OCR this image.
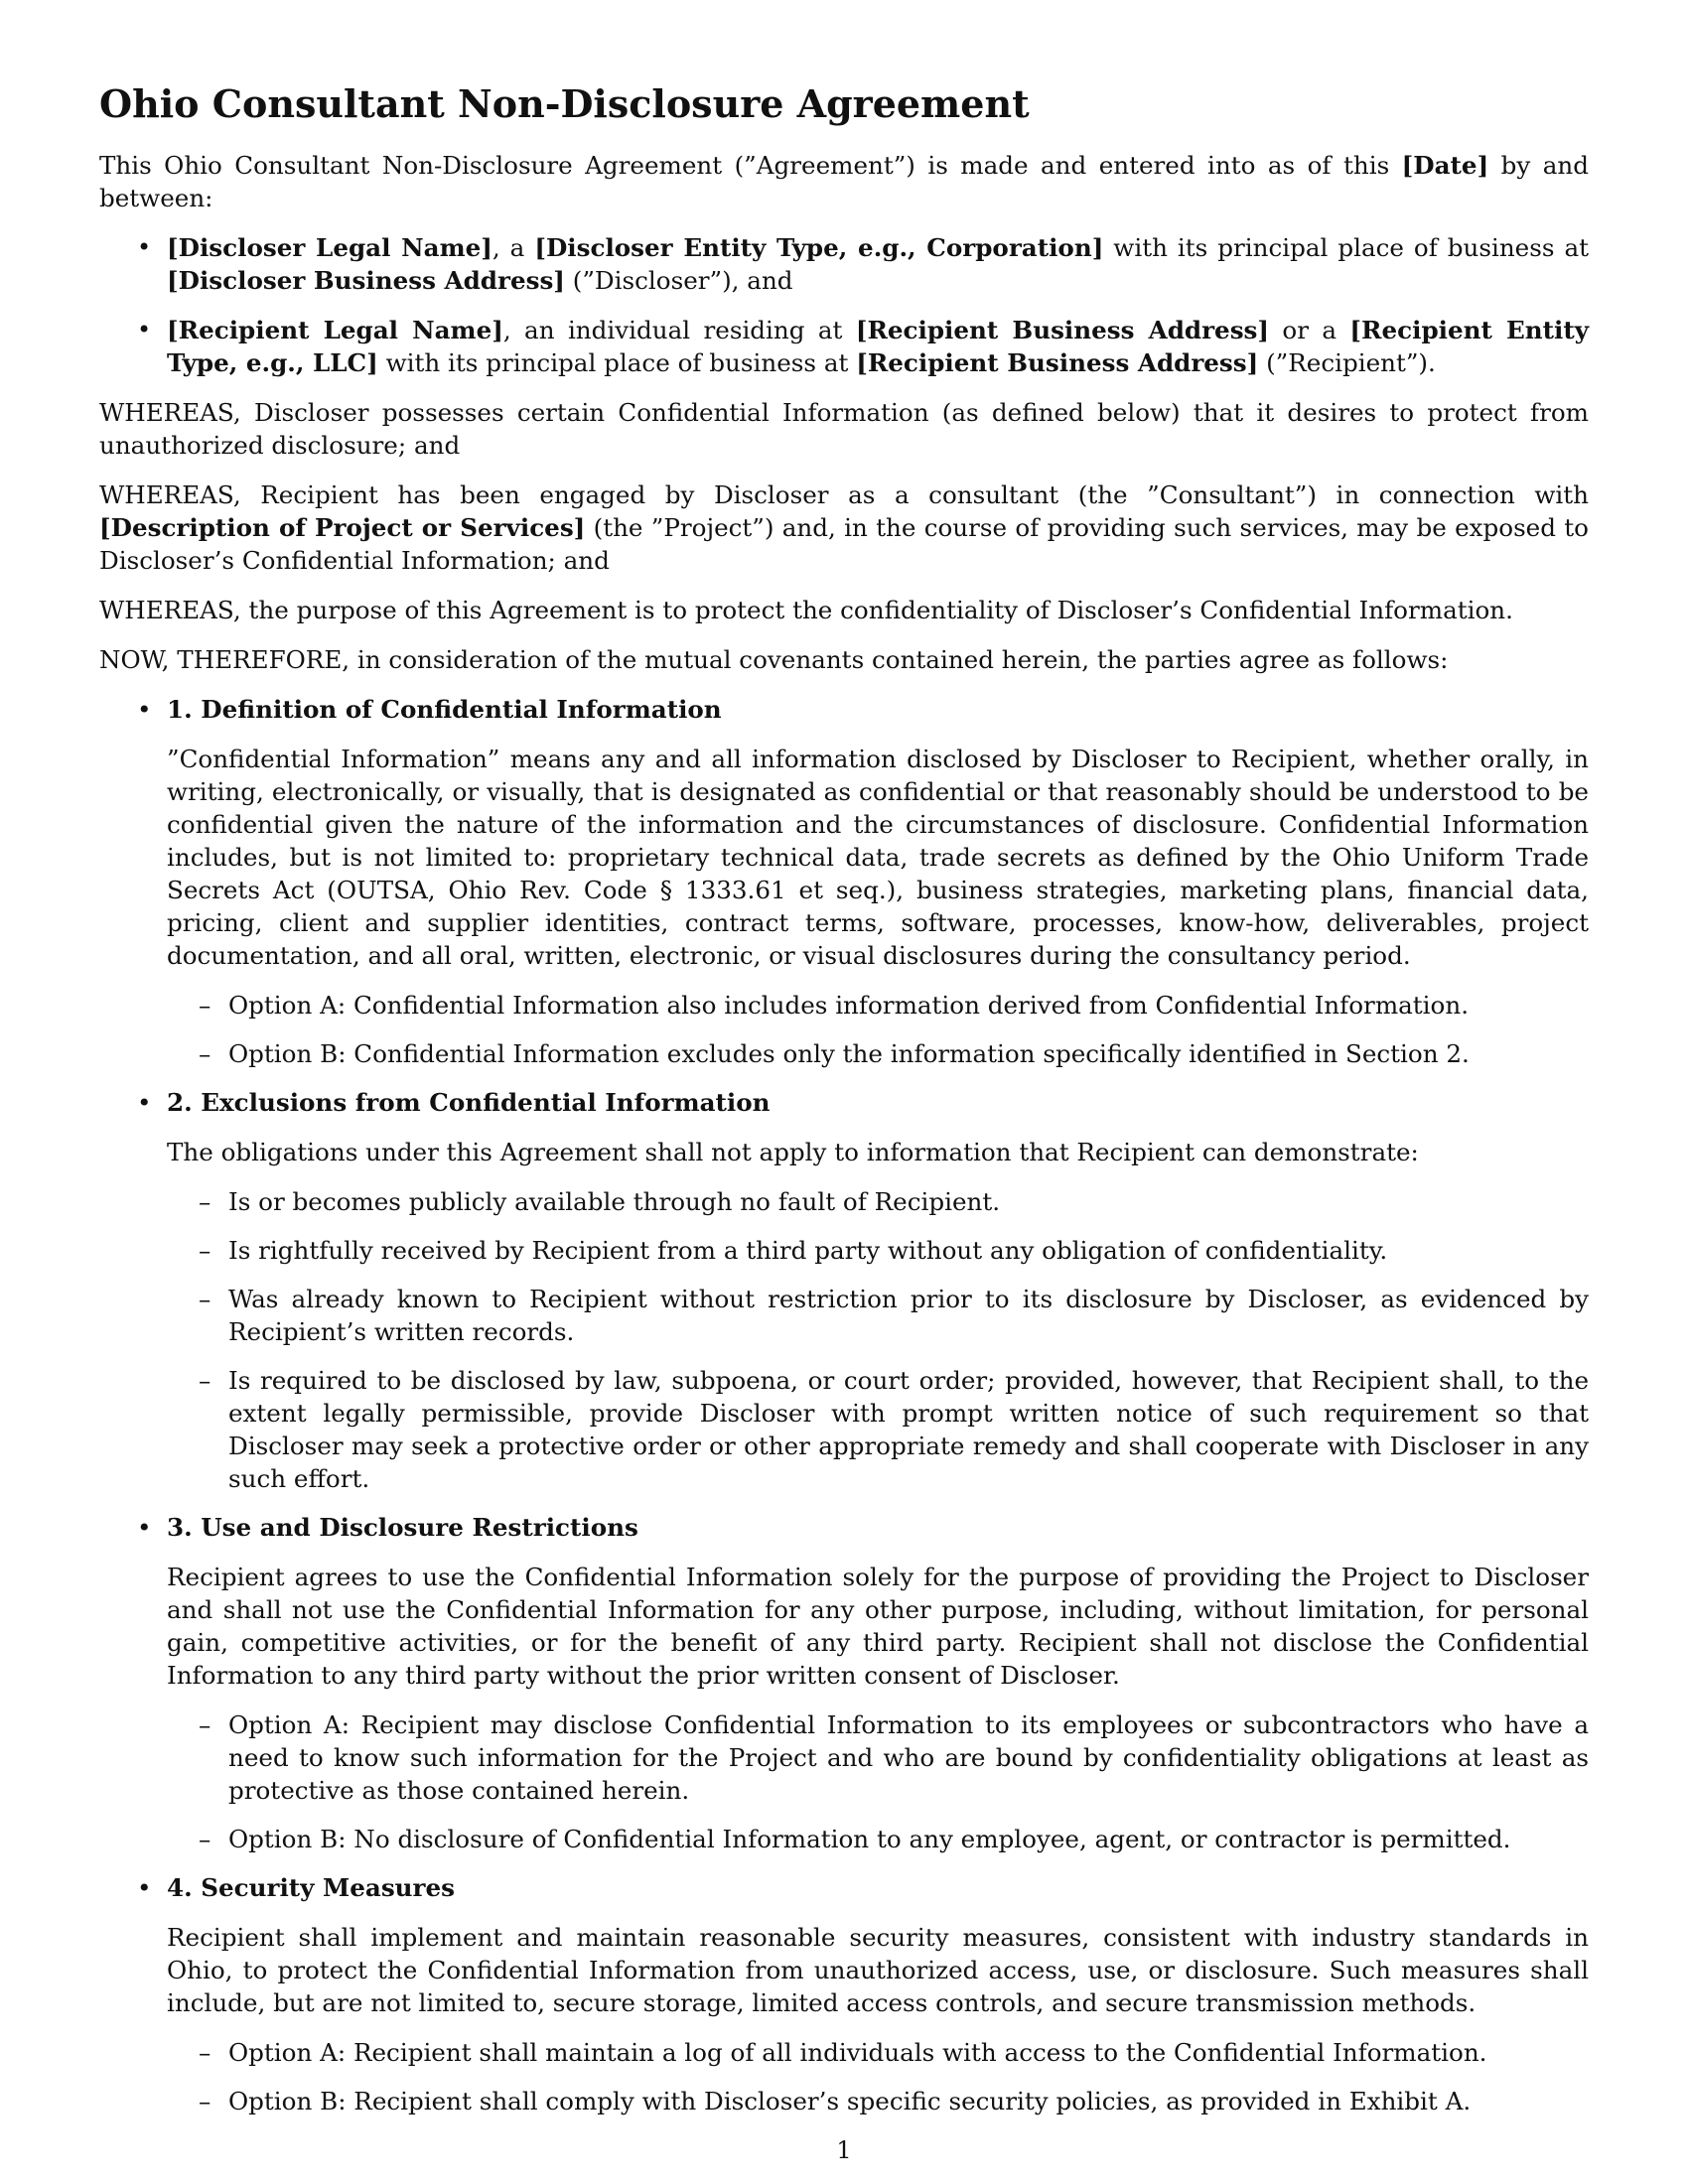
Ohio Consultant Non-Disclosure Agreement

This Ohio Consultant Non-Disclosure Agreement (”Agreement”) is made and entered into as of this [Date] by and between:

• [Discloser Legal Name], a [Discloser Entity Type, e.g., Corporation] with its principal place of business at [Discloser Business Address] (”Discloser”), and
• [Recipient Legal Name], an individual residing at [Recipient Business Address] or a [Recipient Entity Type, e.g., LLC] with its principal place of business at [Recipient Business Address] (”Recipient”).

WHEREAS, Discloser possesses certain Confidential Information (as defined below) that it desires to protect from unauthorized disclosure; and

WHEREAS, Recipient has been engaged by Discloser as a consultant (the ”Consultant”) in connection with [Description of Project or Services] (the ”Project”) and, in the course of providing such services, may be exposed to Discloser’s Confidential Information; and

WHEREAS, the purpose of this Agreement is to protect the confidentiality of Discloser’s Confidential Information.

NOW, THEREFORE, in consideration of the mutual covenants contained herein, the parties agree as follows:

• 1. Definition of Confidential Information
”Confidential Information” means any and all information disclosed by Discloser to Recipient, whether orally, in writing, electronically, or visually, that is designated as confidential or that reasonably should be understood to be confidential given the nature of the information and the circumstances of disclosure. Confidential Information includes, but is not limited to: proprietary technical data, trade secrets as defined by the Ohio Uniform Trade Secrets Act (OUTSA, Ohio Rev. Code § 1333.61 et seq.), business strategies, marketing plans, financial data, pricing, client and supplier identities, contract terms, software, processes, know-how, deliverables, project documentation, and all oral, written, electronic, or visual disclosures during the consultancy period.
– Option A: Confidential Information also includes information derived from Confidential Information.
– Option B: Confidential Information excludes only the information specifically identified in Section 2.
• 2. Exclusions from Confidential Information
The obligations under this Agreement shall not apply to information that Recipient can demonstrate:
– Is or becomes publicly available through no fault of Recipient.
– Is rightfully received by Recipient from a third party without any obligation of confidentiality.
– Was already known to Recipient without restriction prior to its disclosure by Discloser, as evidenced by Recipient’s written records.
– Is required to be disclosed by law, subpoena, or court order; provided, however, that Recipient shall, to the extent legally permissible, provide Discloser with prompt written notice of such requirement so that Discloser may seek a protective order or other appropriate remedy and shall cooperate with Discloser in any such effort.
• 3. Use and Disclosure Restrictions
Recipient agrees to use the Confidential Information solely for the purpose of providing the Project to Discloser and shall not use the Confidential Information for any other purpose, including, without limitation, for personal gain, competitive activities, or for the benefit of any third party. Recipient shall not disclose the Confidential Information to any third party without the prior written consent of Discloser.
– Option A: Recipient may disclose Confidential Information to its employees or subcontractors who have a need to know such information for the Project and who are bound by confidentiality obligations at least as protective as those contained herein.
– Option B: No disclosure of Confidential Information to any employee, agent, or contractor is permitted.
• 4. Security Measures
Recipient shall implement and maintain reasonable security measures, consistent with industry standards in Ohio, to protect the Confidential Information from unauthorized access, use, or disclosure. Such measures shall include, but are not limited to, secure storage, limited access controls, and secure transmission methods.
– Option A: Recipient shall maintain a log of all individuals with access to the Confidential Information.
– Option B: Recipient shall comply with Discloser’s specific security policies, as provided in Exhibit A.
1
